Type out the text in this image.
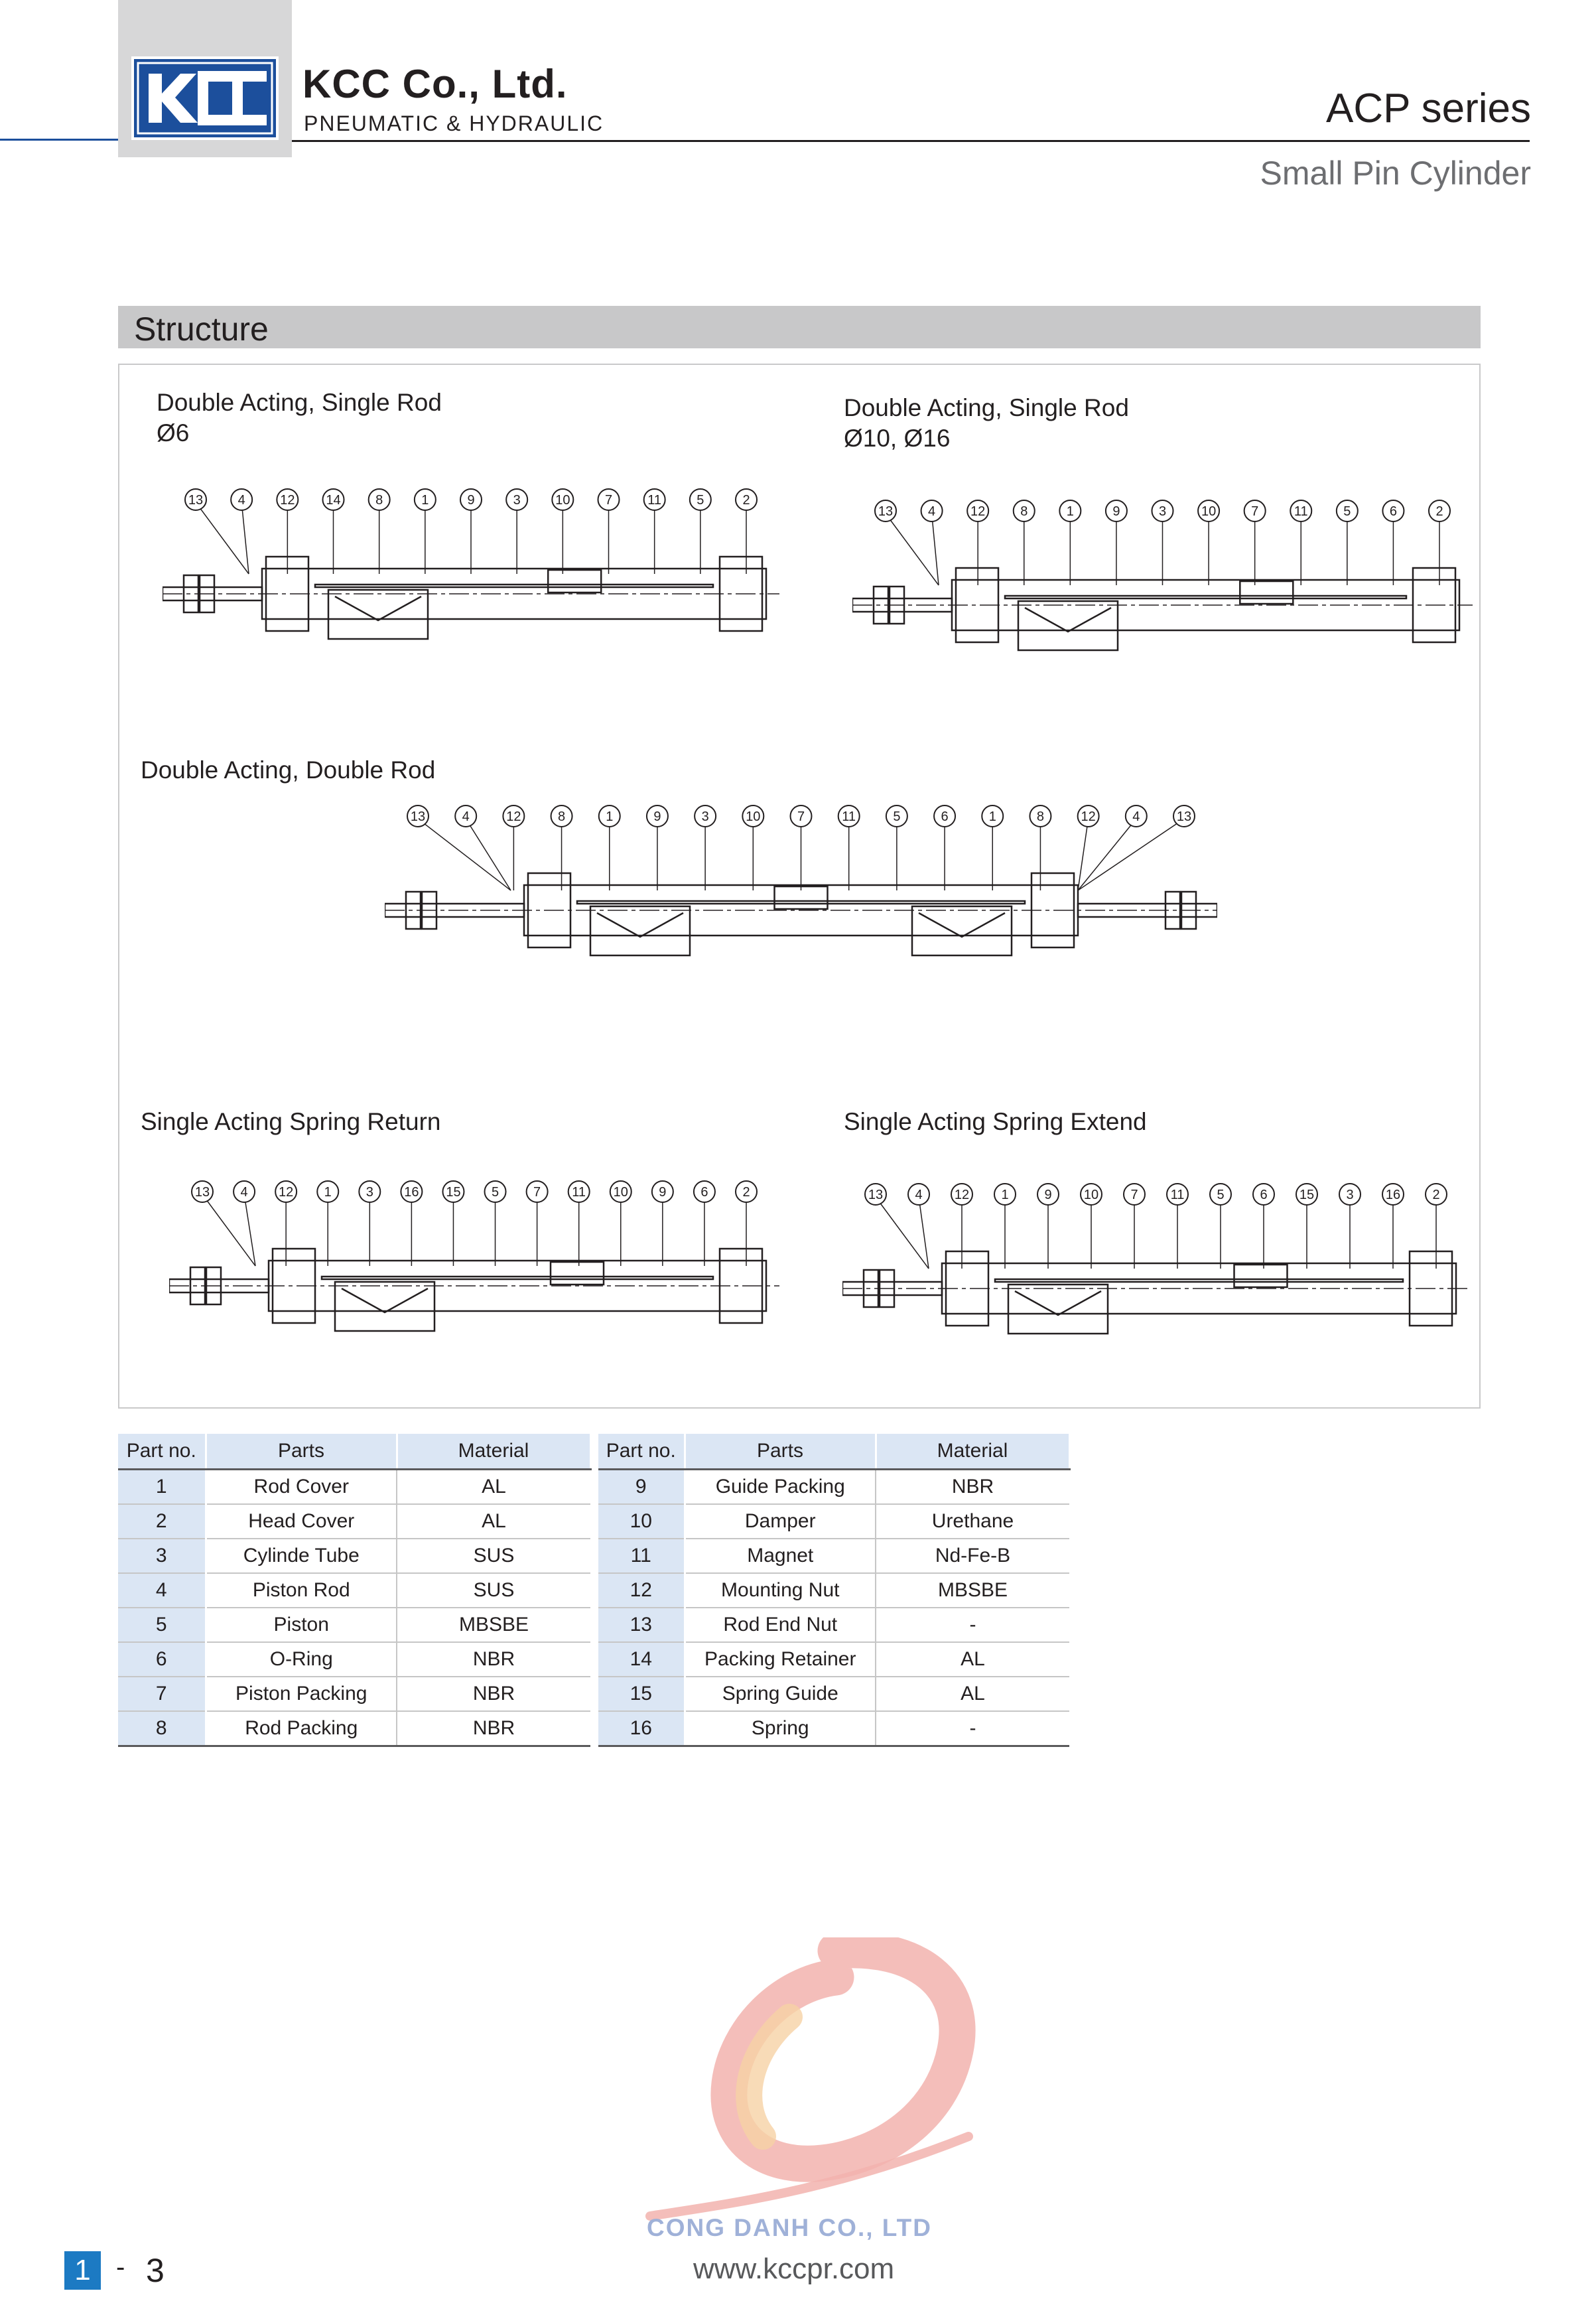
KCC Co., Ltd.
PNEUMATIC & HYDRAULIC	ACP series
Small Pin Cylinder
Structure
Double Acting, Single Rod
Ø6
Double Acting, Single Rod
Ø10, Ø16
Double Acting, Double Rod
Single Acting Spring Return	Single Acting Spring Extend
13	4	12 14	8	1	9	3	10	7	11	5	2
13	4	12	8	1	9	3	10	7	11	5	6	2
13	4	12	8	1	9	3	10	7	11	5	6	1	8	12	4	13
13 4 12 1	3 16 15 5	7 11 10 9	6	2	13 4 12 1	9 10 7 11 5	6 15 3 16 2
Part no.	Parts	Material
1	Rod Cover	AL
2	Head Cover	AL
3	Cylinde Tube	SUS
4	Piston Rod	SUS
5	Piston	MBSBE
6	O-Ring	NBR
7	Piston Packing	NBR
8	Rod Packing	NBR
Part no.	Parts	Material
9	Guide Packing	NBR
10	Damper	Urethane
11	Magnet	Nd-Fe-B
12	Mounting Nut	MBSBE
13	Rod End Nut	-
14	Packing Retainer	AL
15	Spring Guide	AL
16	Spring	-
CONG DANH CO., LTD
www.kccpr.com
1 - 3
